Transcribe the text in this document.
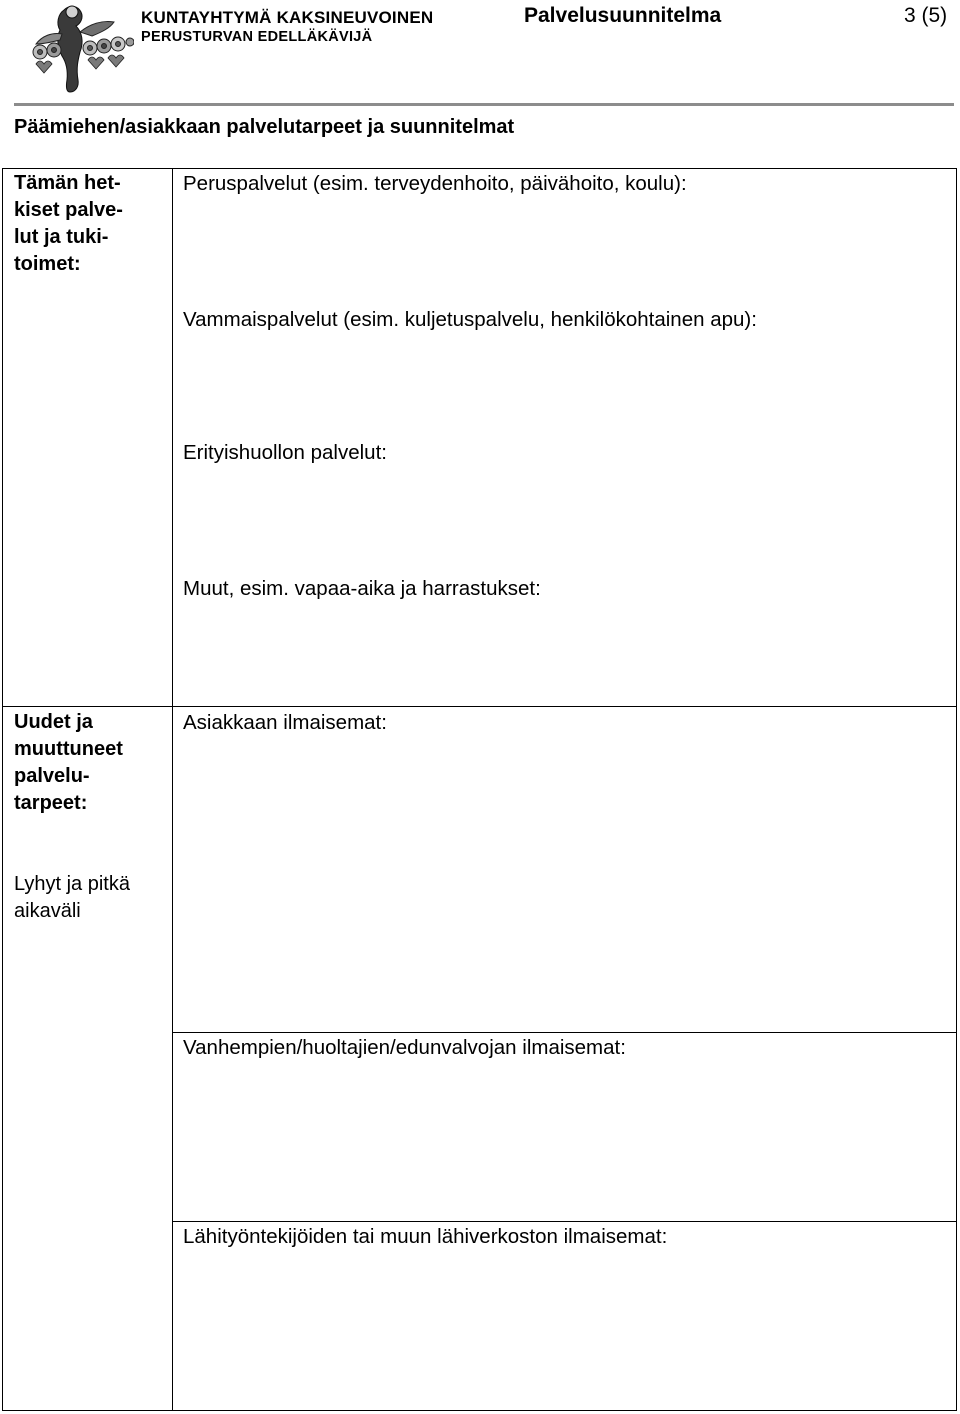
KUNTAYHTYMÄ KAKSINEUVOINEN
PERUSTURVAN EDELLÄKÄVIJÄ
Palvelusuunnitelma	3 (5)
Päämiehen/asiakkaan palvelutarpeet ja suunnitelmat
Tämän het-
kiset palve-
lut ja tuki-
toimet:
Peruspalvelut (esim. terveydenhoito, päivähoito, koulu):
Vammaispalvelut (esim. kuljetuspalvelu, henkilökohtainen apu):
Erityishuollon palvelut:
Muut, esim. vapaa-aika ja harrastukset:
Uudet ja
muuttuneet
palvelu-
tarpeet:
Lyhyt ja pitkä
aikaväli
Asiakkaan ilmaisemat:
Vanhempien/huoltajien/edunvalvojan ilmaisemat:
Lähityöntekijöiden tai muun lähiverkoston ilmaisemat:
